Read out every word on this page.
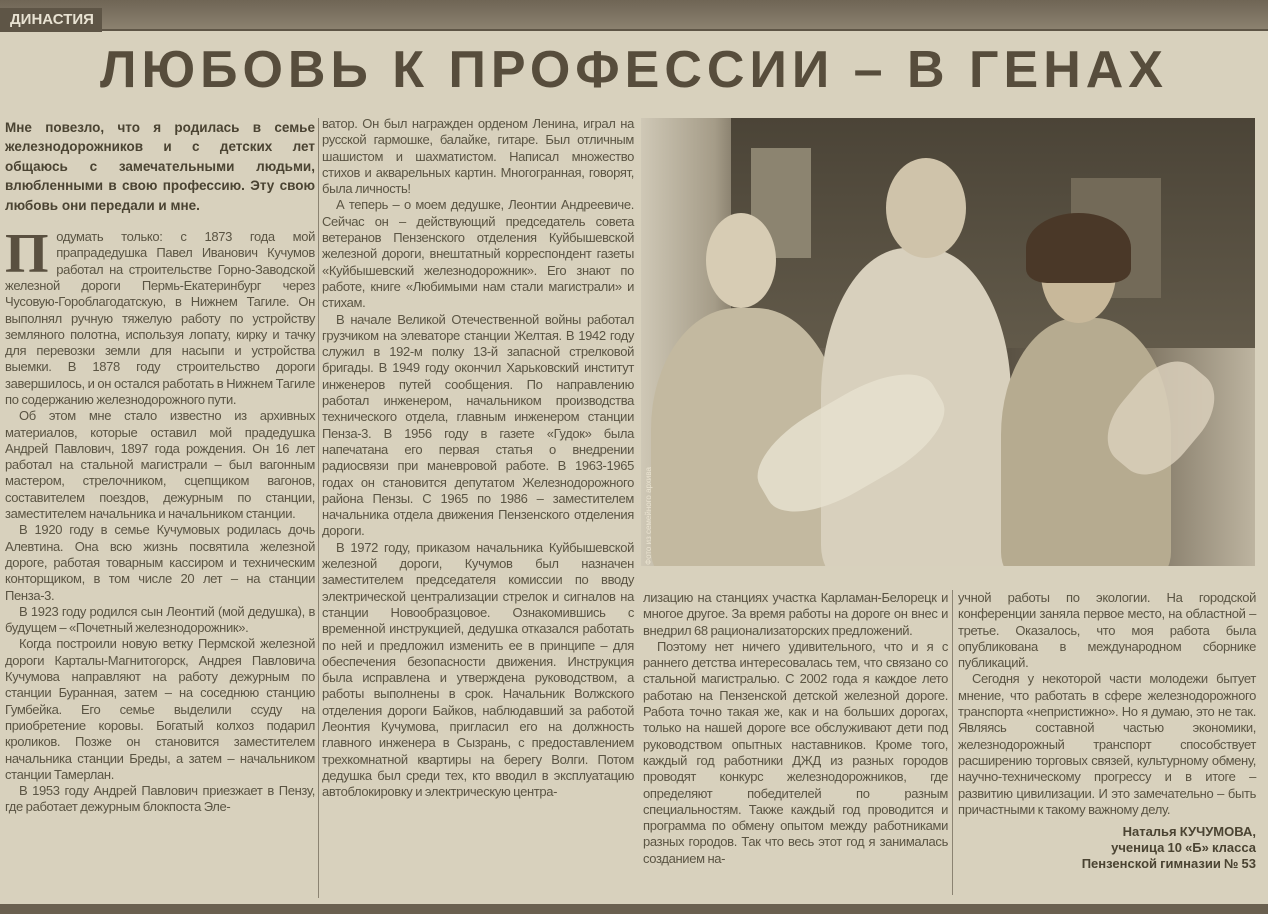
ДИНАСТИЯ
ЛЮБОВЬ К ПРОФЕССИИ – В ГЕНАХ

Мне повезло, что я родилась в семье железнодорожников и с детских лет общаюсь с замечательными людьми, влюбленными в свою профессию. Эту свою любовь они передали и мне.

П одумать только: с 1873 года мой прапрадедушка Павел Иванович Кучумов работал на строительстве Горно-Заводской железной дороги Пермь-Екатеринбург через Чусовую-Гороблагодатскую, в Нижнем Тагиле. Он выполнял ручную тяжелую работу по устройству земляного полотна, используя лопату, кирку и тачку для перевозки земли для насыпи и устройства выемки. В 1878 году строительство дороги завершилось, и он остался работать в Нижнем Тагиле по содержанию железнодорожного пути.

Об этом мне стало известно из архивных материалов, которые оставил мой прадедушка Андрей Павлович, 1897 года рождения. Он 16 лет работал на стальной магистрали – был вагонным мастером, стрелочником, сцепщиком вагонов, составителем поездов, дежурным по станции, заместителем начальника и начальником станции.

В 1920 году в семье Кучумовых родилась дочь Алевтина. Она всю жизнь посвятила железной дороге, работая товарным кассиром и техническим конторщиком, в том числе 20 лет – на станции Пенза-3.

В 1923 году родился сын Леонтий (мой дедушка), в будущем – «Почетный железнодорожник».

Когда построили новую ветку Пермской железной дороги Карталы-Магнитогорск, Андрея Павловича Кучумова направляют на работу дежурным по станции Буранная, затем – на соседнюю станцию Гумбейка. Его семье выделили ссуду на приобретение коровы. Богатый колхоз подарил кроликов. Позже он становится заместителем начальника станции Бреды, а затем – начальником станции Тамерлан.

В 1953 году Андрей Павлович приезжает в Пензу, где работает дежурным блокпоста Эле-

ватор. Он был награжден орденом Ленина, играл на русской гармошке, балайке, гитаре. Был отличным шашистом и шахматистом. Написал множество стихов и акварельных картин. Многогранная, говорят, была личность!

А теперь – о моем дедушке, Леонтии Андреевиче. Сейчас он – действующий председатель совета ветеранов Пензенского отделения Куйбышевской железной дороги, внештатный корреспондент газеты «Куйбышевский железнодорожник». Его знают по работе, книге «Любимыми нам стали магистрали» и стихам.

В начале Великой Отечественной войны работал грузчиком на элеваторе станции Желтая. В 1942 году служил в 192-м полку 13-й запасной стрелковой бригады. В 1949 году окончил Харьковский институт инженеров путей сообщения. По направлению работал инженером, начальником производства технического отдела, главным инженером станции Пенза-3. В 1956 году в газете «Гудок» была напечатана его первая статья о внедрении радиосвязи при маневровой работе. В 1963-1965 годах он становится депутатом Железнодорожного района Пензы. С 1965 по 1986 – заместителем начальника отдела движения Пензенского отделения дороги.

В 1972 году, приказом начальника Куйбышевской железной дороги, Кучумов был назначен заместителем председателя комиссии по вводу электрической централизации стрелок и сигналов на станции Новообразцовое. Ознакомившись с временной инструкцией, дедушка отказался работать по ней и предложил изменить ее в принципе – для обеспечения безопасности движения. Инструкция была исправлена и утверждена руководством, а работы выполнены в срок. Начальник Волжского отделения дороги Байков, наблюдавший за работой Леонтия Кучумова, пригласил его на должность главного инженера в Сызрань, с предоставлением трехкомнатной квартиры на берегу Волги. Потом дедушка был среди тех, кто вводил в эксплуатацию автоблокировку и электрическую центра-

Фото из семейного архива

лизацию на станциях участка Карламан-Белорецк и многое другое. За время работы на дороге он внес и внедрил 68 рационализаторских предложений.

Поэтому нет ничего удивительного, что и я с раннего детства интересовалась тем, что связано со стальной магистралью. С 2002 года я каждое лето работаю на Пензенской детской железной дороге. Работа точно такая же, как и на больших дорогах, только на нашей дороге все обслуживают дети под руководством опытных наставников. Кроме того, каждый год работники ДЖД из разных городов проводят конкурс железнодорожников, где определяют победителей по разным специальностям. Также каждый год проводится и программа по обмену опытом между работниками разных городов. Так что весь этот год я занималась созданием на-

учной работы по экологии. На городской конференции заняла первое место, на областной – третье. Оказалось, что моя работа была опубликована в международном сборнике публикаций.

Сегодня у некоторой части молодежи бытует мнение, что работать в сфере железнодорожного транспорта «непристижно». Но я думаю, это не так. Являясь составной частью экономики, железнодорожный транспорт способствует расширению торговых связей, культурному обмену, научно-техническому прогрессу и в итоге – развитию цивилизации. И это замечательно – быть причастными к такому важному делу.

Наталья КУЧУМОВА,
ученица 10 «Б» класса
Пензенской гимназии № 53
